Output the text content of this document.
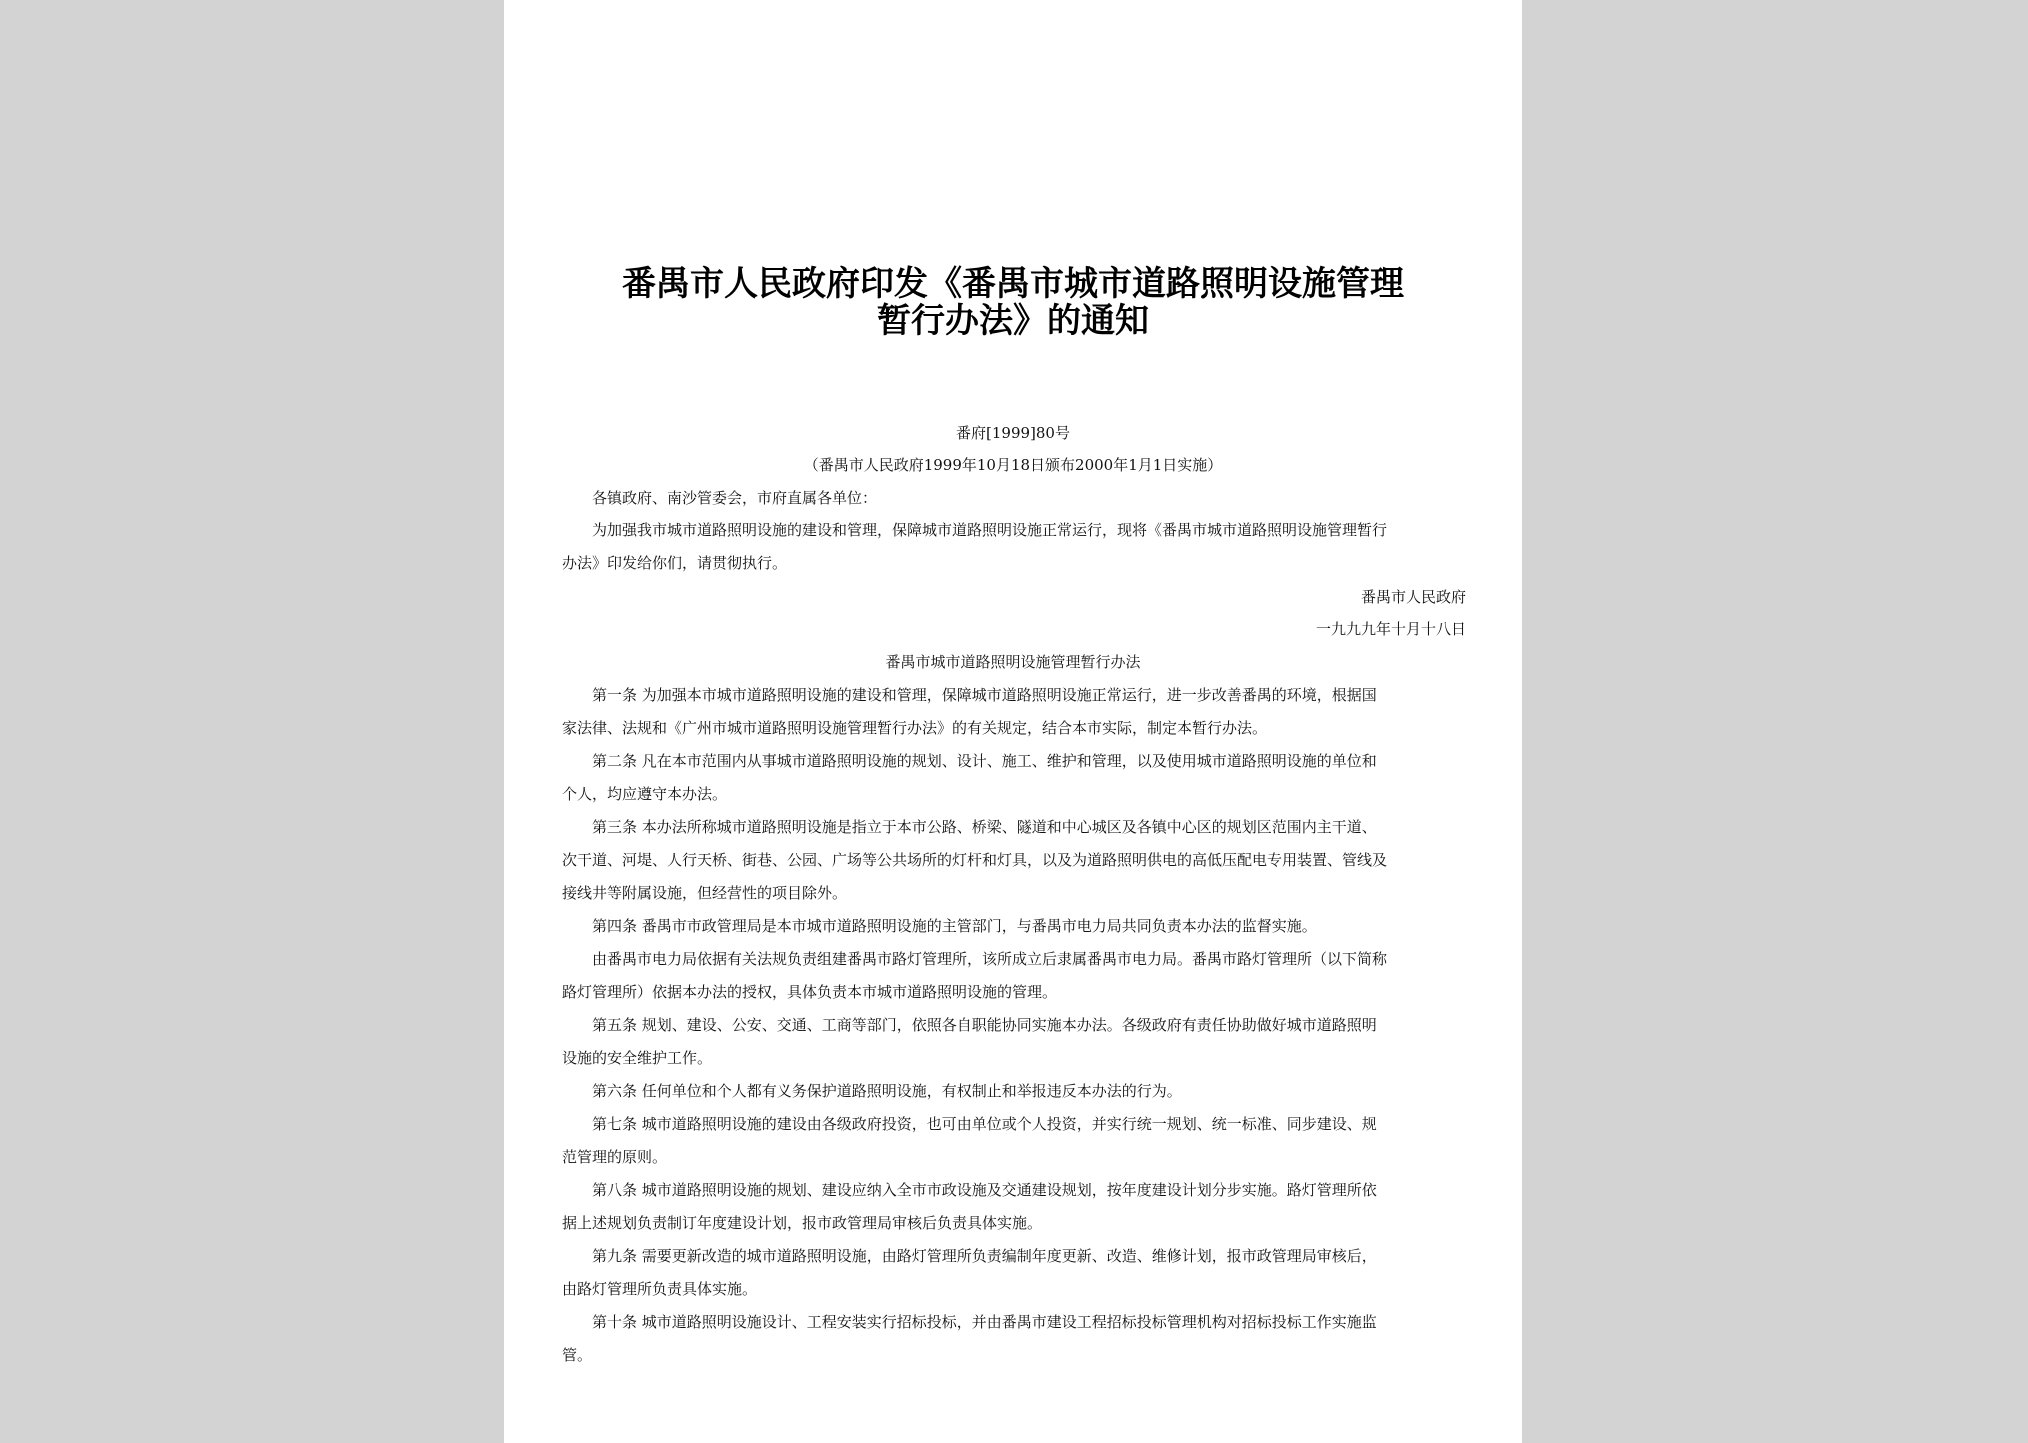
番禺市人民政府印发《番禺市城市道路照明设施管理
暂行办法》的通知
番府[1999]80号
（番禺市人民政府1999年10月18日颁布2000年1月1日实施）
各镇政府、南沙管委会，市府直属各单位：
为加强我市城市道路照明设施的建设和管理，保障城市道路照明设施正常运行，现将《番禺市城市道路照明设施管理暂行
办法》印发给你们，请贯彻执行。
番禺市人民政府
一九九九年十月十八日
番禺市城市道路照明设施管理暂行办法
第一条 为加强本市城市道路照明设施的建设和管理，保障城市道路照明设施正常运行，进一步改善番禺的环境，根据国
家法律、法规和《广州市城市道路照明设施管理暂行办法》的有关规定，结合本市实际，制定本暂行办法。
第二条 凡在本市范围内从事城市道路照明设施的规划、设计、施工、维护和管理，以及使用城市道路照明设施的单位和
个人，均应遵守本办法。
第三条 本办法所称城市道路照明设施是指立于本市公路、桥梁、隧道和中心城区及各镇中心区的规划区范围内主干道、
次干道、河堤、人行天桥、街巷、公园、广场等公共场所的灯杆和灯具，以及为道路照明供电的高低压配电专用装置、管线及
接线井等附属设施，但经营性的项目除外。
第四条 番禺市市政管理局是本市城市道路照明设施的主管部门，与番禺市电力局共同负责本办法的监督实施。
由番禺市电力局依据有关法规负责组建番禺市路灯管理所，该所成立后隶属番禺市电力局。番禺市路灯管理所（以下简称
路灯管理所）依据本办法的授权，具体负责本市城市道路照明设施的管理。
第五条 规划、建设、公安、交通、工商等部门，依照各自职能协同实施本办法。各级政府有责任协助做好城市道路照明
设施的安全维护工作。
第六条 任何单位和个人都有义务保护道路照明设施，有权制止和举报违反本办法的行为。
第七条 城市道路照明设施的建设由各级政府投资，也可由单位或个人投资，并实行统一规划、统一标准、同步建设、规
范管理的原则。
第八条 城市道路照明设施的规划、建设应纳入全市市政设施及交通建设规划，按年度建设计划分步实施。路灯管理所依
据上述规划负责制订年度建设计划，报市政管理局审核后负责具体实施。
第九条 需要更新改造的城市道路照明设施，由路灯管理所负责编制年度更新、改造、维修计划，报市政管理局审核后，
由路灯管理所负责具体实施。
第十条 城市道路照明设施设计、工程安装实行招标投标，并由番禺市建设工程招标投标管理机构对招标投标工作实施监
管。
